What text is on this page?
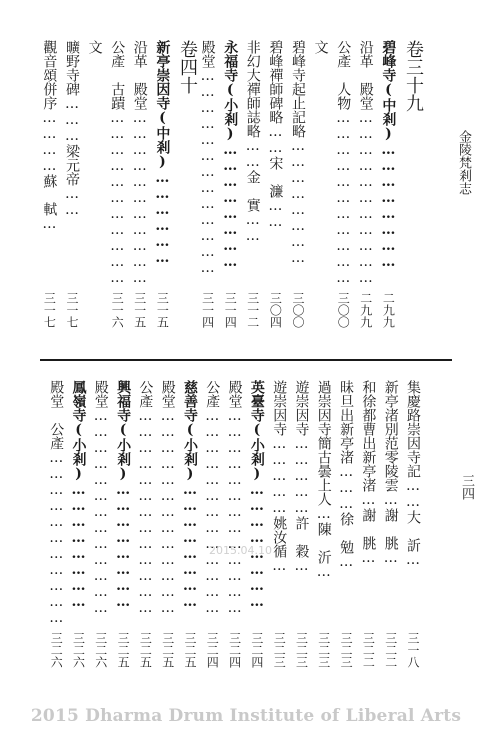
金陵梵剎志
三四
卷三十九
碧峰寺(中剎)……………………
二九九
沿革　殿堂……………………………
二九九
公產　人物……………………………
三〇〇
文
碧峰寺起止記略……………………
三〇〇
碧峰禪師碑略……宋　濂……
三〇四
非幻大禪師誌略……金　實……
三一二
永福寺(小剎)……………………
三一四
殿堂…………………………………
三一四
卷四十
新亭崇因寺(中剎)………………
三一五
沿革　殿堂……………………………
三一五
公產　古蹟……………………………
三一六
文
曠野寺碑………梁元帝……
三一七
觀音頌併序…………蘇　軾…
三一七
集慶路崇因寺記……大　訢…
三一八
新亭渚別范零陵雲…謝　朓…
三二二
和徐都曹出新亭渚…謝　朓…
三二二
昧旦出新亭渚………徐　勉…
三二三
過崇因寺簡古曇上人…陳　沂…
三二三
遊崇因寺……………許　穀…
三二三
遊崇因寺……………姚汝循…
三二三
英臺寺(小剎)……………………
三二四
殿堂…………………………………
三二四
公產…………………………………
三二四
慈善寺(小剎)……………………
三二五
殿堂…………………………………
三二五
公產…………………………………
三二五
興福寺(小剎)……………………
三二五
殿堂…………………………………
三二六
鳳嶺寺(小剎)……………………
三二六
殿堂　公產……………………………
三二六
2015.04.10
2015 Dharma Drum Institute of Liberal Arts
